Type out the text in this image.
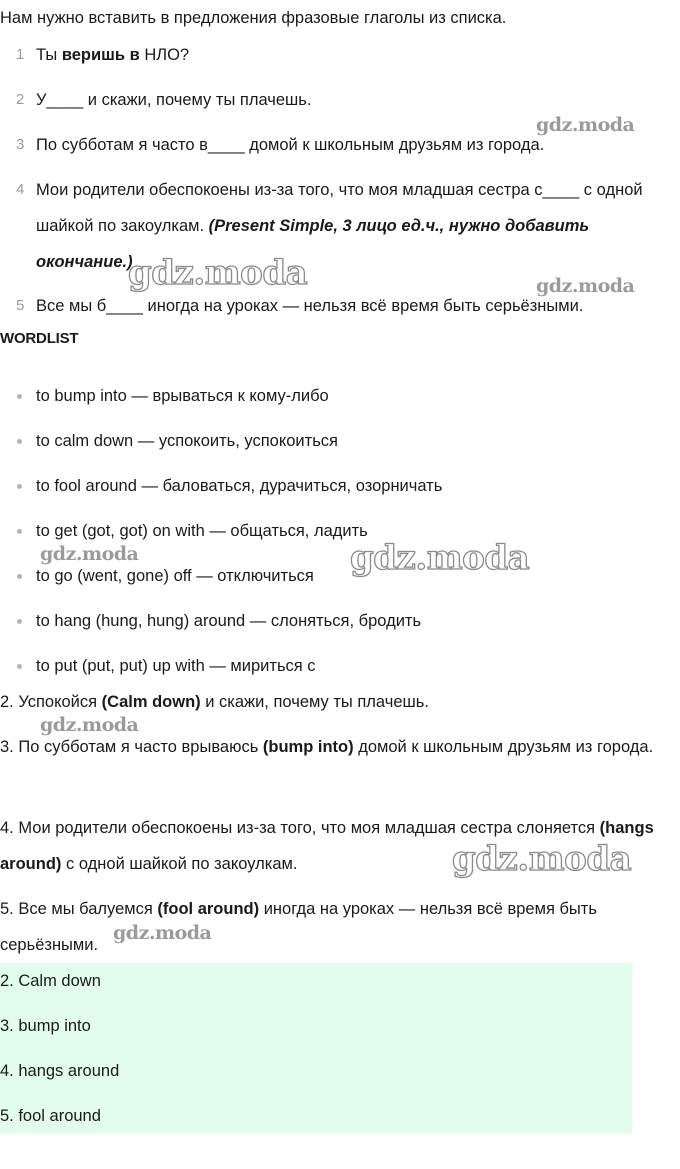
Нам нужно вставить в предложения фразовые глаголы из списка.
1 Ты веришь в НЛО?
2 У____ и скажи, почему ты плачешь.
3 По субботам я часто в____ домой к школьным друзьям из города.
4 Мои родители обеспокоены из-за того, что моя младшая сестра с____ с одной шайкой по закоулкам. (Present Simple, 3 лицо ед.ч., нужно добавить окончание.)
5 Все мы б____ иногда на уроках — нельзя всё время быть серьёзными.
WORDLIST
to bump into — врываться к кому-либо
to calm down — успокоить, успокоиться
to fool around — баловаться, дурачиться, озорничать
to get (got, got) on with — общаться, ладить
to go (went, gone) off — отключиться
to hang (hung, hung) around — слоняться, бродить
to put (put, put) up with — мириться с
2. Успокойся (Calm down) и скажи, почему ты плачешь.
3. По субботам я часто врываюсь (bump into) домой к школьным друзьям из города.
4. Мои родители обеспокоены из-за того, что моя младшая сестра слоняется (hangs around) с одной шайкой по закоулкам.
5. Все мы балуемся (fool around) иногда на уроках — нельзя всё время быть серьёзными.
2. Calm down
3. bump into
4. hangs around
5. fool around
gdz.moda
gdz.moda	gdz.moda
gdz.moda	gdz.moda
gdz.moda
gdz.moda
gdz.moda
